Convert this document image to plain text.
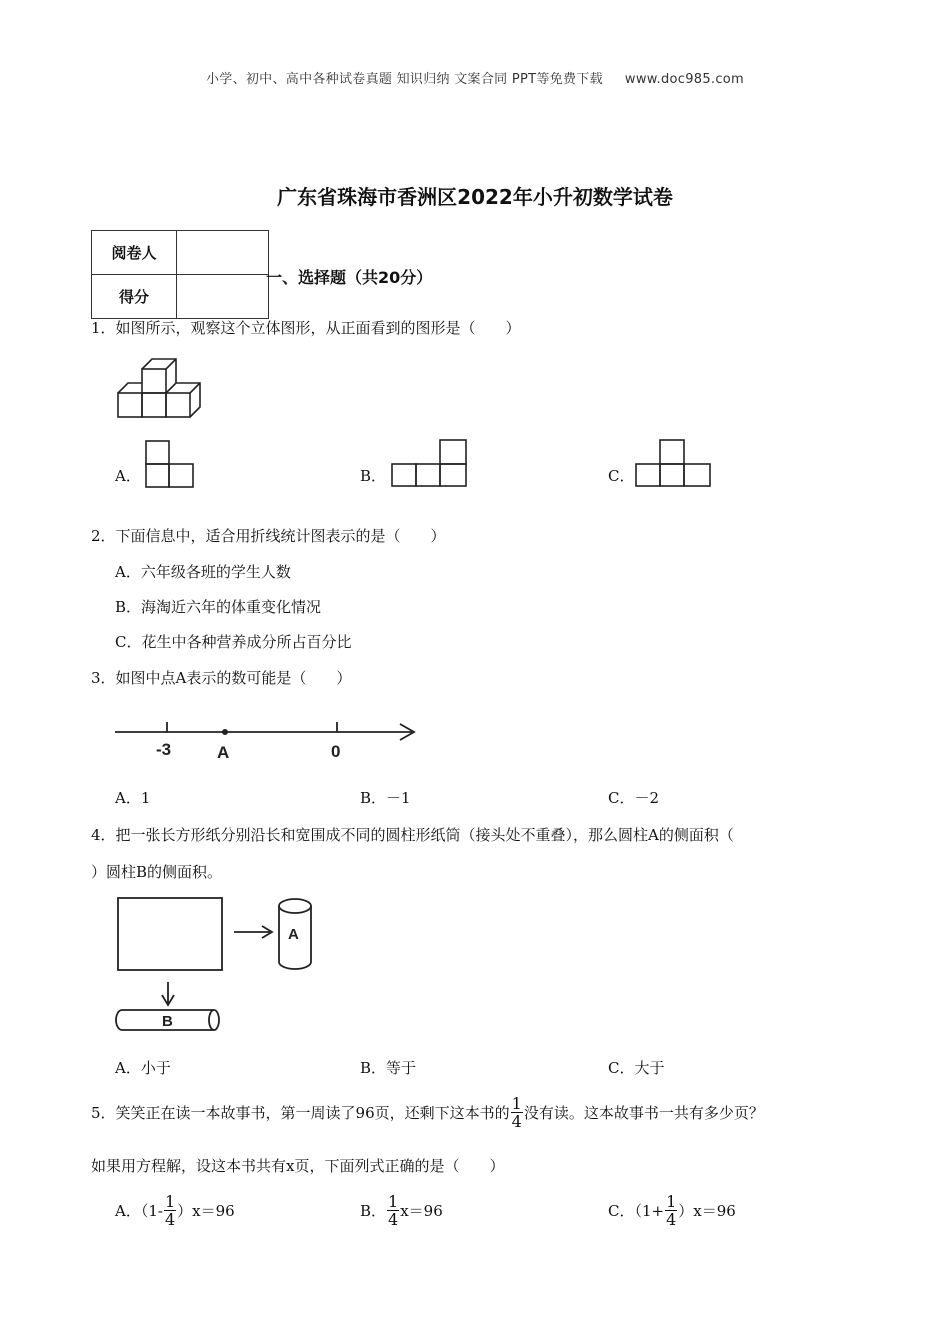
小学、初中、高中各种试卷真题 知识归纳 文案合同 PPT等免费下载 www.doc985.com
广东省珠海市香洲区2022年小升初数学试卷
阅卷人	
得分	
一、选择题（共20分）
1．如图所示，观察这个立体图形，从正面看到的图形是（　　）
A．	B．	C．
2．下面信息中，适合用折线统计图表示的是（　　）
A．六年级各班的学生人数
B．海淘近六年的体重变化情况
C．花生中各种营养成分所占百分比
3．如图中点A表示的数可能是（　　）
-3	A	0
A．1	B．－1	C．－2
4．把一张长方形纸分别沿长和宽围成不同的圆柱形纸筒（接头处不重叠），那么圆柱A的侧面积（
）圆柱B的侧面积。
A
B
A．小于	B．等于	C．大于
5．笑笑正在读一本故事书，第一周读了96页，还剩下这本书的 $\frac{1}{4}$ 没有读。这本故事书一共有多少页？
如果用方程解，设这本书共有x页，下面列式正确的是（　　）
A．$(1- \frac{1}{4} )x=96$	B． $\frac{1}{4} x=96$	C．$(1+ \frac{1}{4} )x=96$
